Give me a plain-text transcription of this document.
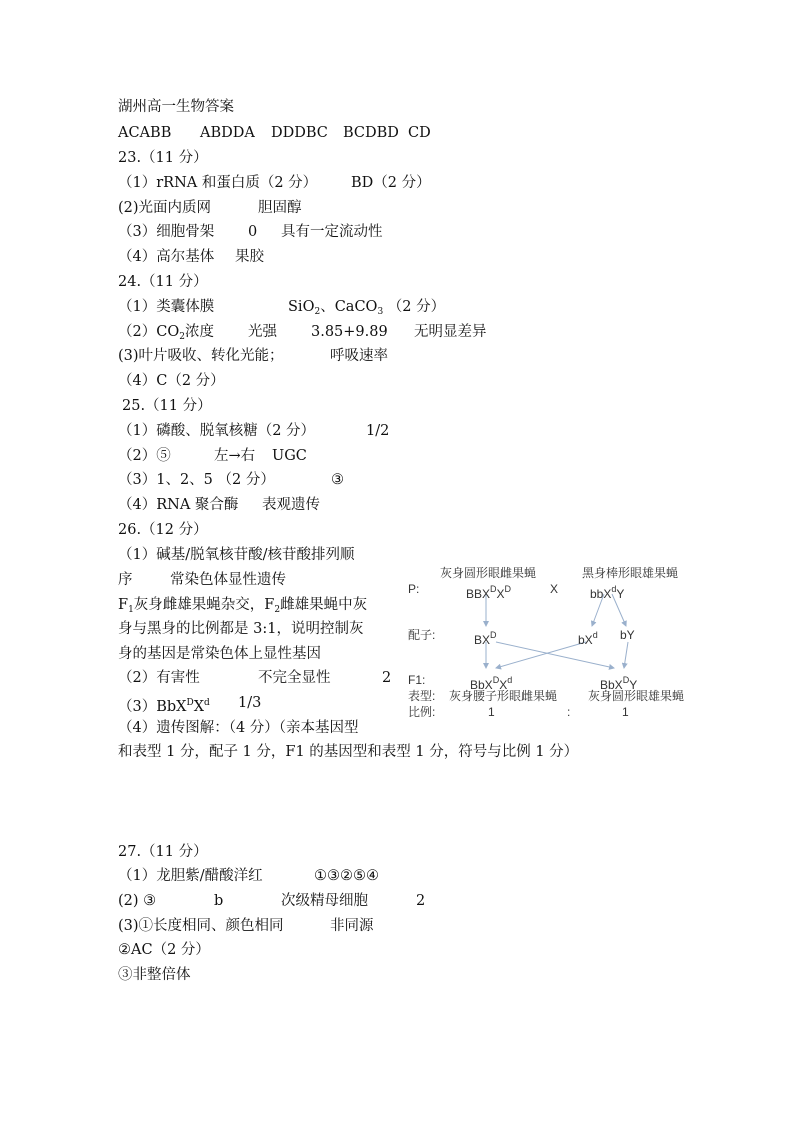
湖州高一生物答案
ACABB ABDDA DDDBC BCDBD CD
23.（11 分）
（1）rRNA 和蛋白质（2 分） BD（2 分）
(2)光面内质网	胆固醇
（3）细胞骨架 0 具有一定流动性
（4）高尔基体 果胶
24.（11 分）
（1）类囊体膜	SiO$_2$、CaCO$_3$ （2 分）
$(2)CO_2$浓度 光强 3.85+9.89 无明显差异
(3)叶片吸收、转化光能；	呼吸速率
（4）C（2 分）
25.（11 分）
（1）磷酸、脱氧核糖（2 分）	1/2
（2）⑤	左→右 UGC
（3）1、2、5 （2 分）	③
（4）RNA 聚合酶 表观遗传
26.（12 分）
（1）碱基/脱氧核苷酸/核苷酸排列顺
序	常染色体显性遗传
$F_1$灰身雌雄果蝇杂交，$F_2$雌雄果蝇中灰
身与黑身的比例都是 3:1，说明控制灰
身的基因是常染色体上显性基因
（2）有害性	不完全显性	2
$(3)BbX^DX^d$ 1/3
（4）遗传图解：（4 分）（亲本基因型
和表型 1 分，配子 1 分，F1 的基因型和表型 1 分，符号与比例 1 分）
灰身圆形眼雌果蝇	黑身棒形眼雄果蝇
P:	$BBX^DX^D$	X	bbX$^d$Y
配子:	$BX^D$	$bX^d$ bY
F1:	$BbX^DX^d$	BbX$^D$Y
表型: 灰身腰子形眼雌果蝇	灰身圆形眼雄果蝇
比例:	1	:	1
27.（11 分）
（1）龙胆紫/醋酸洋红	①③②⑤④
(2) ③	b	次级精母细胞	2
(3)①长度相同、颜色相同	非同源
②AC（2 分）
③非整倍体
